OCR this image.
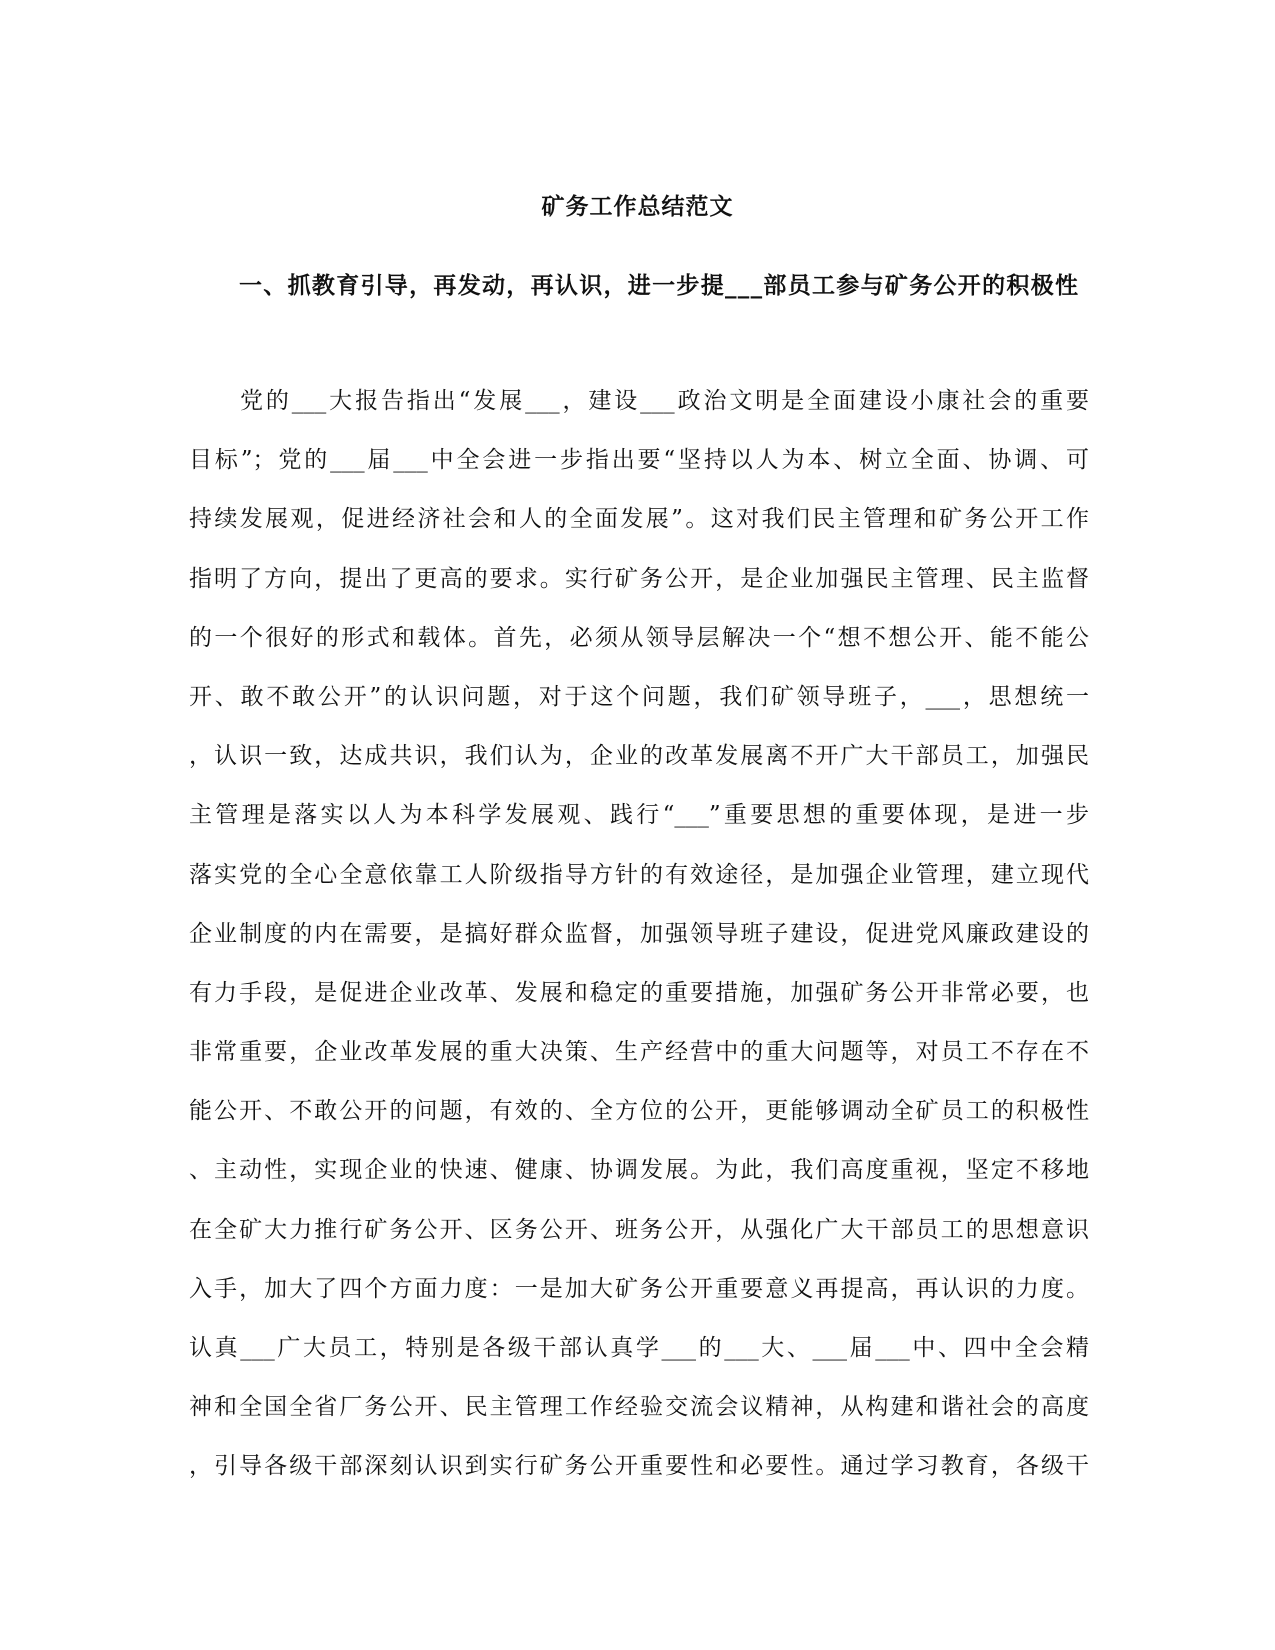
矿务工作总结范文

一、抓教育引导，再发动，再认识，进一步提___部员工参与矿务公开的积极性

党的___大报告指出“发展___，建设___政治文明是全面建设小康社会的重要
目标”；党的___届___中全会进一步指出要“坚持以人为本、树立全面、协调、可
持续发展观，促进经济社会和人的全面发展”。这对我们民主管理和矿务公开工作
指明了方向，提出了更高的要求。实行矿务公开，是企业加强民主管理、民主监督
的一个很好的形式和载体。首先，必须从领导层解决一个“想不想公开、能不能公
开、敢不敢公开”的认识问题，对于这个问题，我们矿领导班子，___，思想统一
，认识一致，达成共识，我们认为，企业的改革发展离不开广大干部员工，加强民
主管理是落实以人为本科学发展观、践行“___”重要思想的重要体现，是进一步
落实党的全心全意依靠工人阶级指导方针的有效途径，是加强企业管理，建立现代
企业制度的内在需要，是搞好群众监督，加强领导班子建设，促进党风廉政建设的
有力手段，是促进企业改革、发展和稳定的重要措施，加强矿务公开非常必要，也
非常重要，企业改革发展的重大决策、生产经营中的重大问题等，对员工不存在不
能公开、不敢公开的问题，有效的、全方位的公开，更能够调动全矿员工的积极性
、主动性，实现企业的快速、健康、协调发展。为此，我们高度重视，坚定不移地
在全矿大力推行矿务公开、区务公开、班务公开，从强化广大干部员工的思想意识
入手，加大了四个方面力度：一是加大矿务公开重要意义再提高，再认识的力度。
认真___广大员工，特别是各级干部认真学___的___大、___届___中、四中全会精
神和全国全省厂务公开、民主管理工作经验交流会议精神，从构建和谐社会的高度
，引导各级干部深刻认识到实行矿务公开重要性和必要性。通过学习教育，各级干
